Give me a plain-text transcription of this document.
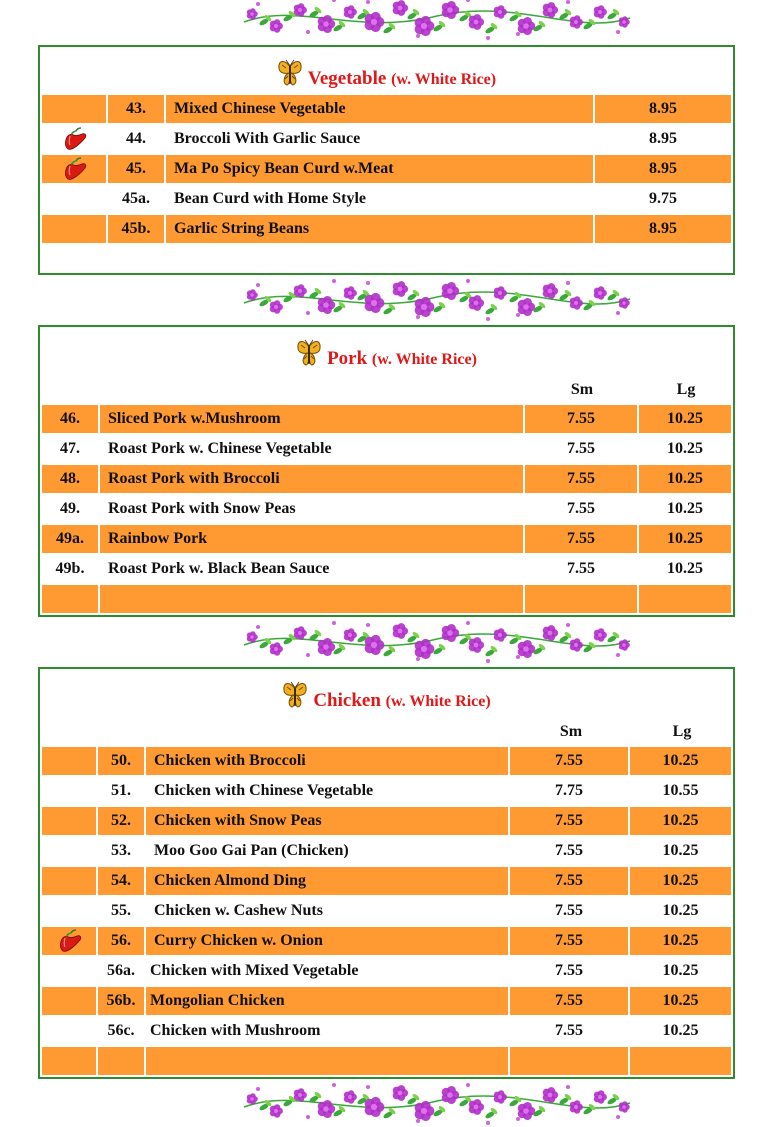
Vegetable (w. White Rice)
43.	Mixed Chinese Vegetable	8.95
44.	Broccoli With Garlic Sauce	8.95
45.	Ma Po Spicy Bean Curd w.Meat	8.95
45a.	Bean Curd with Home Style	9.75
45b.	Garlic String Beans	8.95
Pork (w. White Rice)
Sm	Lg
46.	Sliced Pork w.Mushroom	7.55	10.25
47.	Roast Pork w. Chinese Vegetable	7.55	10.25
48.	Roast Pork with Broccoli	7.55	10.25
49.	Roast Pork with Snow Peas	7.55	10.25
49a.	Rainbow Pork	7.55	10.25
49b.	Roast Pork w. Black Bean Sauce	7.55	10.25
Chicken (w. White Rice)
Sm	Lg
50.	Chicken with Broccoli	7.55	10.25
51.	Chicken with Chinese Vegetable	7.75	10.55
52.	Chicken with Snow Peas	7.55	10.25
53.	Moo Goo Gai Pan (Chicken)	7.55	10.25
54.	Chicken Almond Ding	7.55	10.25
55.	Chicken w. Cashew Nuts	7.55	10.25
56.	Curry Chicken w. Onion	7.55	10.25
56a. Chicken with Mixed Vegetable	7.55	10.25
56b. Mongolian Chicken	7.55	10.25
56c. Chicken with Mushroom	7.55	10.25
